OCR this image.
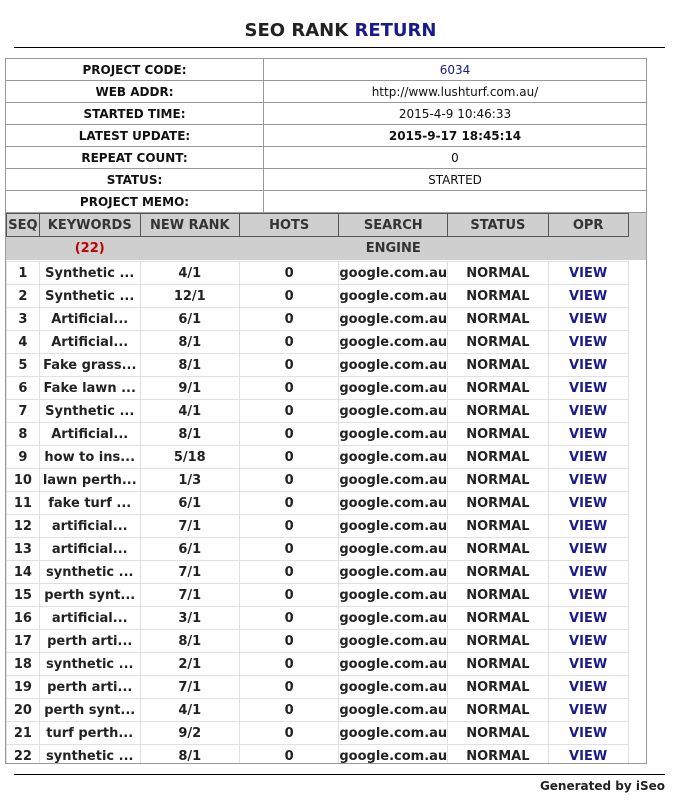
SEO RANK RETURN
PROJECT CODE:	6034
WEB ADDR:	http://www.lushturf.com.au/
STARTED TIME:	2015-4-9 10:46:33
LATEST UPDATE:	2015-9-17 18:45:14
REPEAT COUNT:	0
STATUS:	STARTED
PROJECT MEMO:	
SEQ	KEYWORDS	NEW RANK	HOTS	SEARCH	STATUS	OPR	
	(22)			ENGINE			

1	Synthetic ...	4/1	0	google.com.au	NORMAL	VIEW	
2	Synthetic ...	12/1	0	google.com.au	NORMAL	VIEW	
3	Artificial...	6/1	0	google.com.au	NORMAL	VIEW	
4	Artificial...	8/1	0	google.com.au	NORMAL	VIEW	
5	Fake grass...	8/1	0	google.com.au	NORMAL	VIEW	
6	Fake lawn ...	9/1	0	google.com.au	NORMAL	VIEW	
7	Synthetic ...	4/1	0	google.com.au	NORMAL	VIEW	
8	Artificial...	8/1	0	google.com.au	NORMAL	VIEW	
9	how to ins...	5/18	0	google.com.au	NORMAL	VIEW	
10	lawn perth...	1/3	0	google.com.au	NORMAL	VIEW	
11	fake turf ...	6/1	0	google.com.au	NORMAL	VIEW	
12	artificial...	7/1	0	google.com.au	NORMAL	VIEW	
13	artificial...	6/1	0	google.com.au	NORMAL	VIEW	
14	synthetic ...	7/1	0	google.com.au	NORMAL	VIEW	
15	perth synt...	7/1	0	google.com.au	NORMAL	VIEW	
16	artificial...	3/1	0	google.com.au	NORMAL	VIEW	
17	perth arti...	8/1	0	google.com.au	NORMAL	VIEW	
18	synthetic ...	2/1	0	google.com.au	NORMAL	VIEW	
19	perth arti...	7/1	0	google.com.au	NORMAL	VIEW	
20	perth synt...	4/1	0	google.com.au	NORMAL	VIEW	
21	turf perth...	9/2	0	google.com.au	NORMAL	VIEW	
22	synthetic ...	8/1	0	google.com.au	NORMAL	VIEW	
Generated by iSeo
